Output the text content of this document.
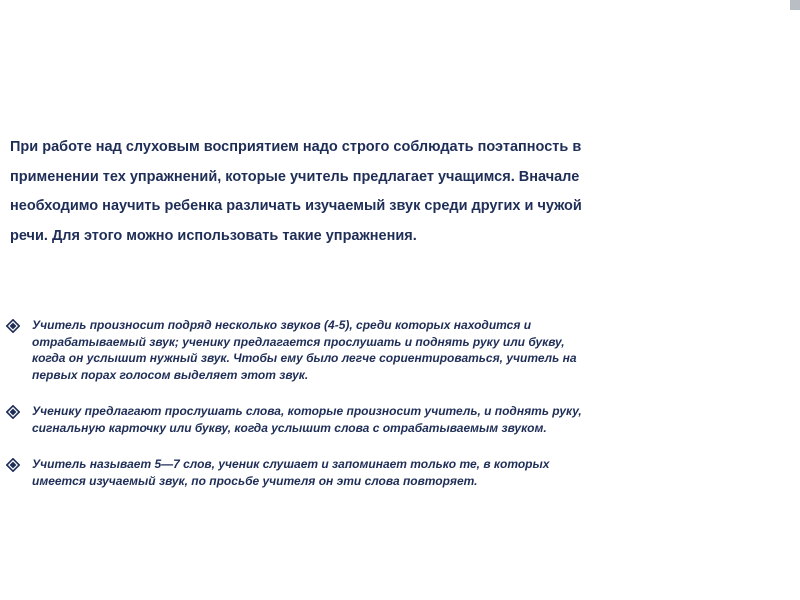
При работе над слуховым восприятием надо строго соблюдать поэтапность в
применении тех упражнений, которые учитель предлагает учащимся. Вначале
необходимо научить ребенка различать изучаемый звук среди других и чужой
речи. Для этого можно использовать такие упражнения.

Учитель произносит подряд несколько звуков (4-5), среди которых находится и
отрабатываемый звук; ученику предлагается прослушать и поднять руку или букву,
когда он услышит нужный звук. Чтобы ему было легче сориентироваться, учитель на
первых порах голосом выделяет этот звук.
Ученику предлагают прослушать слова, которые произносит учитель, и поднять руку,
сигнальную карточку или букву, когда услышит слова с отрабатываемым звуком.
Учитель называет 5—7 слов, ученик слушает и запоминает только те, в которых
имеется изучаемый звук, по просьбе учителя он эти слова повторяет.
